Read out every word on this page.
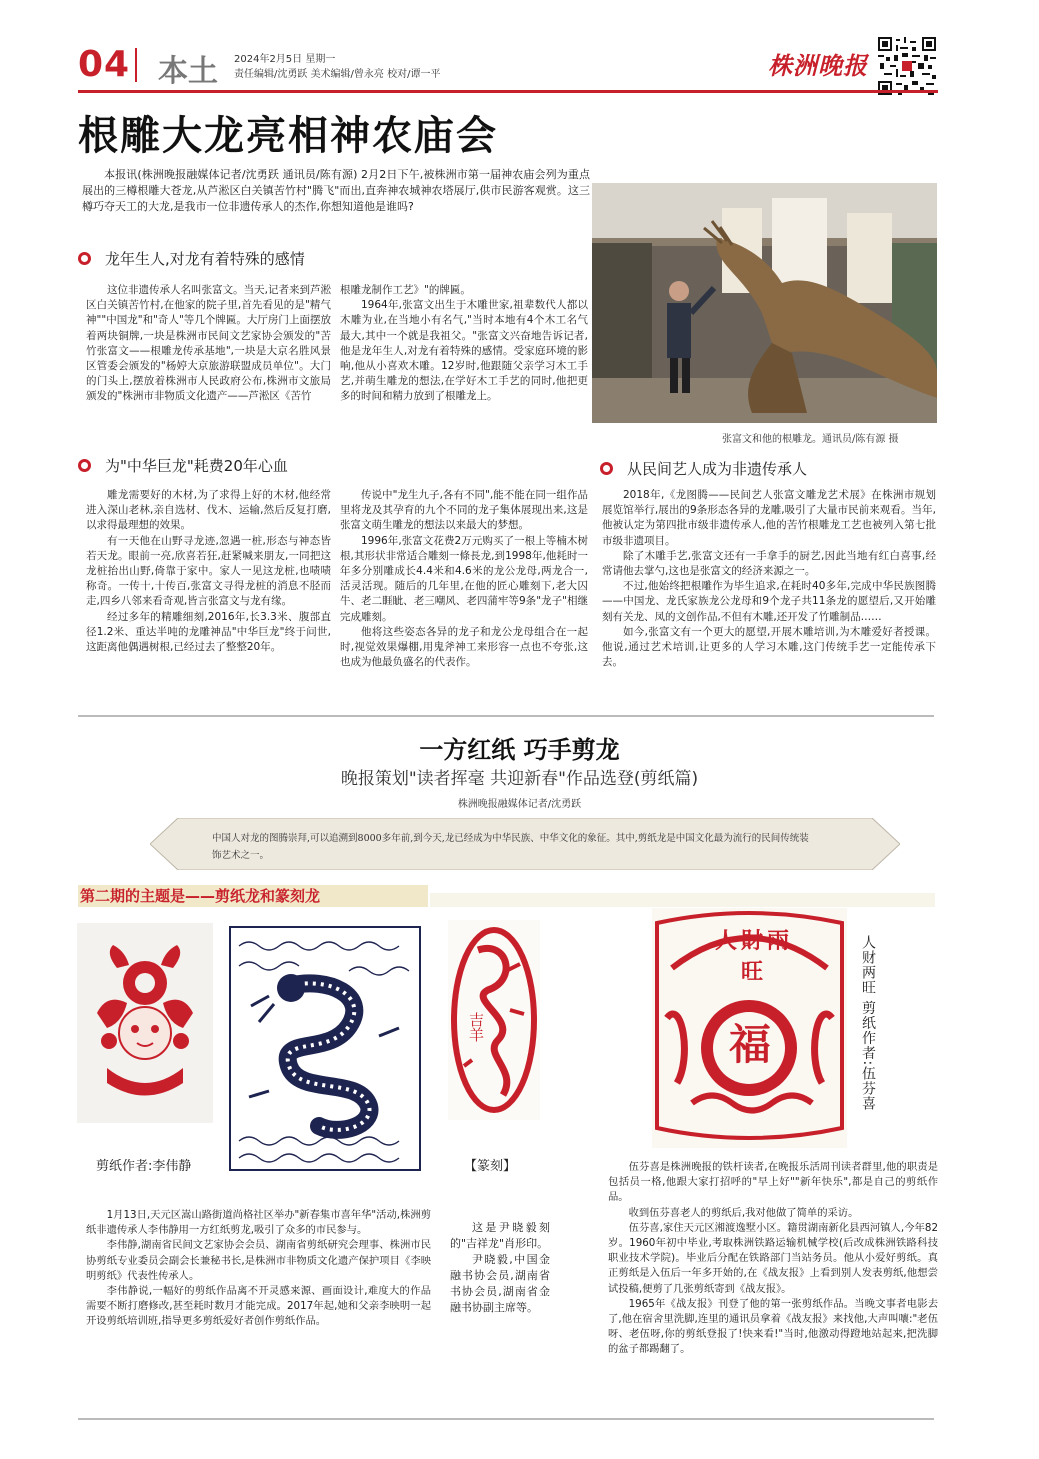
04 本土 2024年2月5日 星期一
责任编辑/沈勇跃 美术编辑/曾永亮 校对/谭一平	株洲晚报
根雕大龙亮相神农庙会
本报讯(株洲晚报融媒体记者/沈勇跃 通讯员/陈有源) 2月2日下午,被株洲市第一届神农庙会列为重点展出的三樽根雕大苍龙,从芦淞区白关镇苦竹村"腾飞"而出,直奔神农城神农塔展厅,供市民游客观赏。这三樽巧夺天工的大龙,是我市一位非遗传承人的杰作,你想知道他是谁吗?
张富文和他的根雕龙。通讯员/陈有源 摄
龙年生人,对龙有着特殊的感情

这位非遗传承人名叫张富文。当天,记者来到芦淞区白关镇苦竹村,在他家的院子里,首先看见的是"精气神""中国龙"和"奇人"等几个牌匾。大厅房门上面摆放着两块铜牌,一块是株洲市民间文艺家协会颁发的"苦竹张富文——根雕龙传承基地",一块是大京名胜风景区管委会颁发的"杨婷大京旅游联盟成员单位"。大门的门头上,摆放着株洲市人民政府公布,株洲市文旅局颁发的"株洲市非物质文化遗产——芦淞区《苦竹

根雕龙制作工艺》"的牌匾。

1964年,张富文出生于木雕世家,祖辈数代人都以木雕为业,在当地小有名气,"当时本地有4个木工名气最大,其中一个就是我祖父。"张富文兴奋地告诉记者,他是龙年生人,对龙有着特殊的感情。受家庭环境的影响,他从小喜欢木雕。12岁时,他跟随父亲学习木工手艺,并萌生雕龙的想法,在学好木工手艺的同时,他把更多的时间和精力放到了根雕龙上。

为"中华巨龙"耗费20年心血

雕龙需要好的木材,为了求得上好的木材,他经常进入深山老林,亲自选材、伐木、运输,然后反复打磨,以求得最理想的效果。

有一天他在山野寻龙迹,忽遇一桩,形态与神态皆若天龙。眼前一亮,欣喜若狂,赶紧喊来朋友,一同把这龙桩抬出山野,倚靠于家中。家人一见这龙桩,也啧啧称奇。一传十,十传百,张富文寻得龙桩的消息不胫而走,四乡八邻来看奇观,皆言张富文与龙有缘。

经过多年的精雕细刻,2016年,长3.3米、腹部直径1.2米、重达半吨的龙雕神品"中华巨龙"终于问世,这距离他偶遇树根,已经过去了整整20年。

传说中"龙生九子,各有不同",能不能在同一组作品里将龙及其孕育的九个不同的龙子集体展现出来,这是张富文萌生雕龙的想法以来最大的梦想。

1996年,张富文花费2万元购买了一根上等楠木树根,其形状非常适合雕刻一條長龙,到1998年,他耗时一年多分别雕成长4.4米和4.6米的龙公龙母,两龙合一,活灵活现。随后的几年里,在他的匠心雕刻下,老大囚牛、老二睚眦、老三嘲风、老四蒲牢等9条"龙子"相继完成雕刻。

他将这些姿态各异的龙子和龙公龙母组合在一起时,视觉效果爆棚,用鬼斧神工来形容一点也不夸张,这也成为他最负盛名的代表作。

从民间艺人成为非遗传承人

2018年,《龙图腾——民间艺人张富文雕龙艺术展》在株洲市规划展览馆举行,展出的9条形态各异的龙雕,吸引了大量市民前来观看。当年,他被认定为第四批市级非遗传承人,他的苦竹根雕龙工艺也被列入第七批市级非遗项目。

除了木雕手艺,张富文还有一手拿手的厨艺,因此当地有红白喜事,经常请他去掌勺,这也是张富文的经济来源之一。

不过,他始终把根雕作为毕生追求,在耗时40多年,完成中华民族图腾——中国龙、龙氏家族龙公龙母和9个龙子共11条龙的愿望后,又开始雕刻有关龙、凤的文创作品,不但有木雕,还开发了竹雕制品……

如今,张富文有一个更大的愿望,开展木雕培训,为木雕爱好者授课。他说,通过艺术培训,让更多的人学习木雕,这门传统手艺一定能传承下去。

一方红纸 巧手剪龙
晚报策划"读者挥毫 共迎新春"作品选登(剪纸篇)
株洲晚报融媒体记者/沈勇跃
中国人对龙的图腾崇拜,可以追溯到8000多年前,到今天,龙已经成为中华民族、中华文化的象征。其中,剪纸龙是中国文化最为流行的民间传统装饰艺术之一。
第二期的主题是——剪纸龙和篆刻龙
剪纸作者:李伟静
吉羊
【篆刻】
人財兩旺
福	人财两旺 剪纸作者:伍芬喜

1月13日,天元区嵩山路街道尚格社区举办"新春集市喜年华"活动,株洲剪纸非遗传承人李伟静用一方红纸剪龙,吸引了众多的市民参与。

李伟静,湖南省民间文艺家协会会员、湖南省剪纸研究会理事、株洲市民协剪纸专业委员会副会长兼秘书长,是株洲市非物质文化遗产保护项目《李映明剪纸》代表性传承人。

李伟静说,一幅好的剪纸作品离不开灵感来源、画面设计,难度大的作品需要不断打磨修改,甚至耗时数月才能完成。2017年起,她和父亲李映明一起开设剪纸培训班,指导更多剪纸爱好者创作剪纸作品。

这是尹晓毅刻的"吉祥龙"肖形印。

尹晓毅,中国金融书协会员,湖南省书协会员,湖南省金融书协副主席等。

伍芬喜是株洲晚报的铁杆读者,在晚报乐活周刊读者群里,他的职责是包括员一格,他跟大家打招呼的"早上好""新年快乐",都是自己的剪纸作品。

收到伍芬喜老人的剪纸后,我对他做了简单的采访。

伍芬喜,家住天元区湘渡逸墅小区。籍贯湖南新化县西河镇人,今年82岁。1960年初中毕业,考取株洲铁路运输机械学校(后改成株洲铁路科技职业技术学院)。毕业后分配在铁路部门当站务员。他从小爱好剪纸。真正剪纸是入伍后一年多开始的,在《战友报》上看到别人发表剪纸,他想尝试投稿,便剪了几张剪纸寄到《战友报》。

1965年《战友报》刊登了他的第一张剪纸作品。当晚文事者电影去了,他在宿舍里洗脚,连里的通讯员拿着《战友报》来找他,大声叫嚷:"老伍呀、老伍呀,你的剪纸登报了!快来看!"当时,他激动得蹬地站起来,把洗脚的盆子都踢翻了。
